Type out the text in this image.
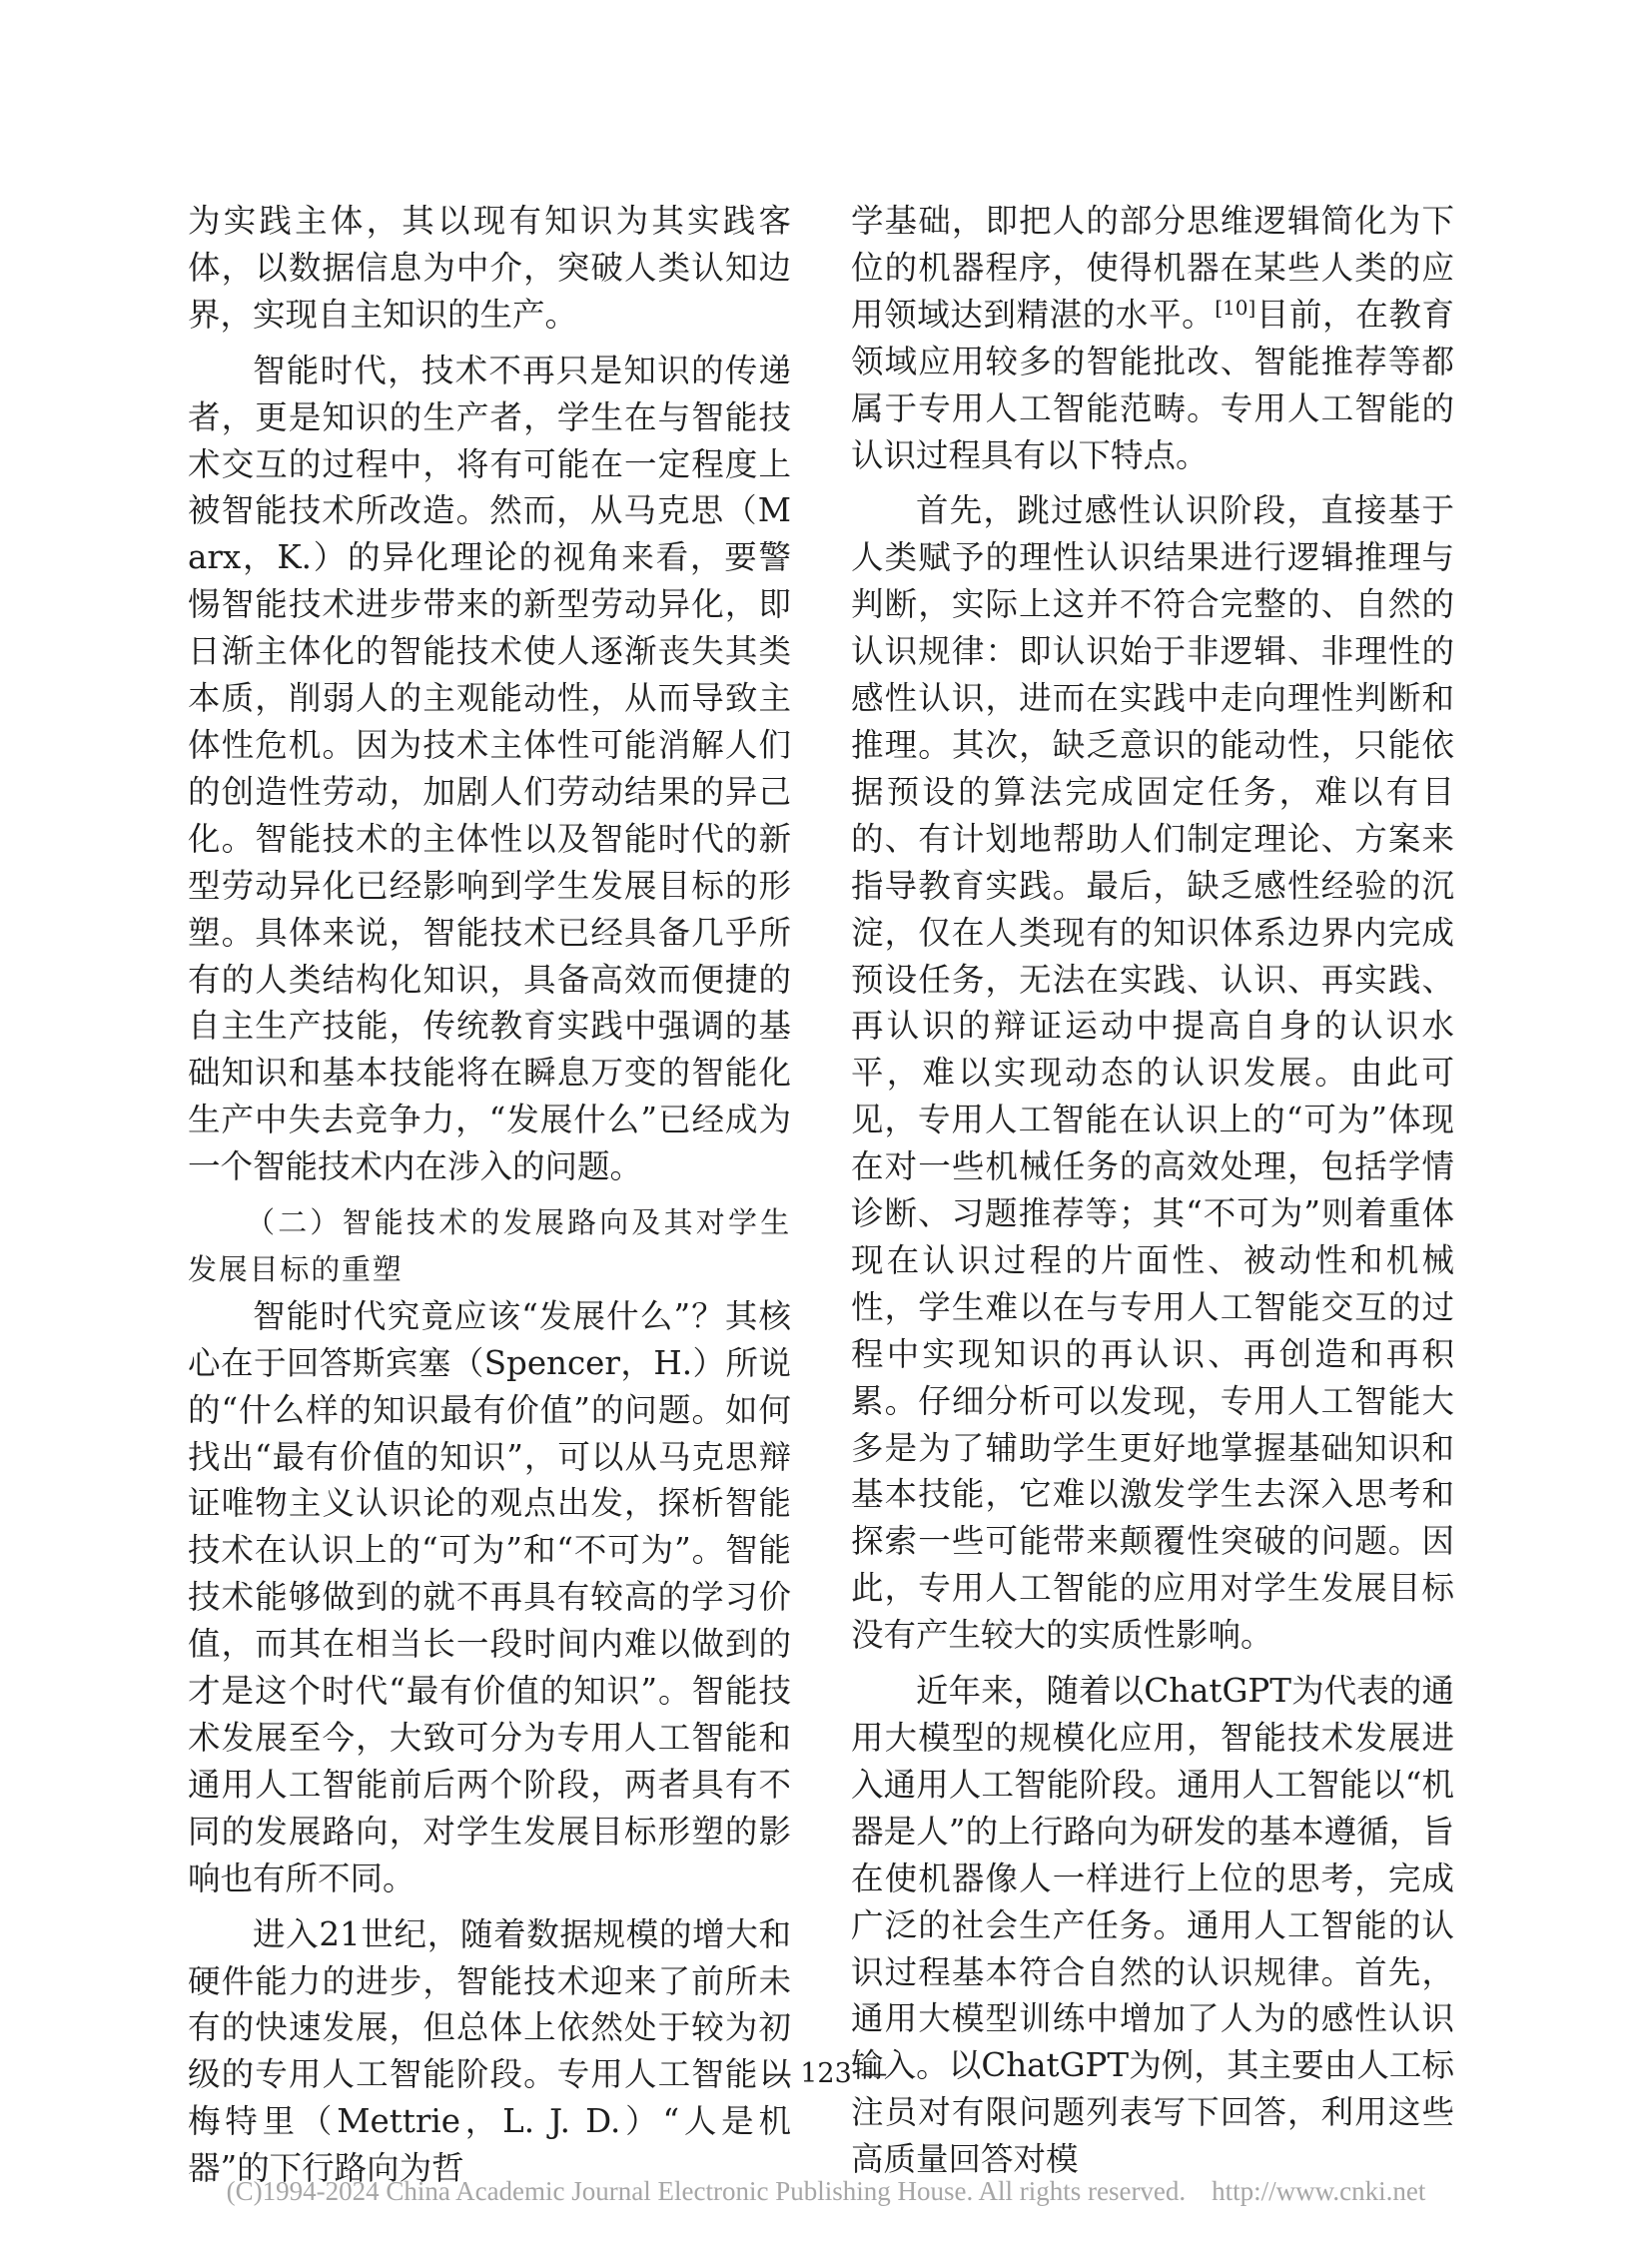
为实践主体，其以现有知识为其实践客体，以数据信息为中介，突破人类认知边界，实现自主知识的生产。

智能时代，技术不再只是知识的传递者，更是知识的生产者，学生在与智能技术交互的过程中，将有可能在一定程度上被智能技术所改造。然而，从马克思（Marx，K.）的异化理论的视角来看，要警惕智能技术进步带来的新型劳动异化，即日渐主体化的智能技术使人逐渐丧失其类本质，削弱人的主观能动性，从而导致主体性危机。因为技术主体性可能消解人们的创造性劳动，加剧人们劳动结果的异己化。智能技术的主体性以及智能时代的新型劳动异化已经影响到学生发展目标的形塑。具体来说，智能技术已经具备几乎所有的人类结构化知识，具备高效而便捷的自主生产技能，传统教育实践中强调的基础知识和基本技能将在瞬息万变的智能化生产中失去竞争力，“发展什么”已经成为一个智能技术内在涉入的问题。

（二）智能技术的发展路向及其对学生发展目标的重塑

智能时代究竟应该“发展什么”？其核心在于回答斯宾塞（Spencer，H.）所说的“什么样的知识最有价值”的问题。如何找出“最有价值的知识”，可以从马克思辩证唯物主义认识论的观点出发，探析智能技术在认识上的“可为”和“不可为”。智能技术能够做到的就不再具有较高的学习价值，而其在相当长一段时间内难以做到的才是这个时代“最有价值的知识”。智能技术发展至今，大致可分为专用人工智能和通用人工智能前后两个阶段，两者具有不同的发展路向，对学生发展目标形塑的影响也有所不同。

进入21世纪，随着数据规模的增大和硬件能力的进步，智能技术迎来了前所未有的快速发展，但总体上依然处于较为初级的专用人工智能阶段。专用人工智能以梅特里（Mettrie，L. J. D.）“人是机器”的下行路向为哲

学基础，即把人的部分思维逻辑简化为下位的机器程序，使得机器在某些人类的应用领域达到精湛的水平。[10]目前，在教育领域应用较多的智能批改、智能推荐等都属于专用人工智能范畴。专用人工智能的认识过程具有以下特点。

首先，跳过感性认识阶段，直接基于人类赋予的理性认识结果进行逻辑推理与判断，实际上这并不符合完整的、自然的认识规律：即认识始于非逻辑、非理性的感性认识，进而在实践中走向理性判断和推理。其次，缺乏意识的能动性，只能依据预设的算法完成固定任务，难以有目的、有计划地帮助人们制定理论、方案来指导教育实践。最后，缺乏感性经验的沉淀，仅在人类现有的知识体系边界内完成预设任务，无法在实践、认识、再实践、再认识的辩证运动中提高自身的认识水平，难以实现动态的认识发展。由此可见，专用人工智能在认识上的“可为”体现在对一些机械任务的高效处理，包括学情诊断、习题推荐等；其“不可为”则着重体现在认识过程的片面性、被动性和机械性，学生难以在与专用人工智能交互的过程中实现知识的再认识、再创造和再积累。仔细分析可以发现，专用人工智能大多是为了辅助学生更好地掌握基础知识和基本技能，它难以激发学生去深入思考和探索一些可能带来颠覆性突破的问题。因此，专用人工智能的应用对学生发展目标没有产生较大的实质性影响。

近年来，随着以ChatGPT为代表的通用大模型的规模化应用，智能技术发展进入通用人工智能阶段。通用人工智能以“机器是人”的上行路向为研发的基本遵循，旨在使机器像人一样进行上位的思考，完成广泛的社会生产任务。通用人工智能的认识过程基本符合自然的认识规律。首先，通用大模型训练中增加了人为的感性认识输入。以ChatGPT为例，其主要由人工标注员对有限问题列表写下回答，利用这些高质量回答对模

— 123 —
(C)1994-2024 China Academic Journal Electronic Publishing House. All rights reserved. http://www.cnki.net
